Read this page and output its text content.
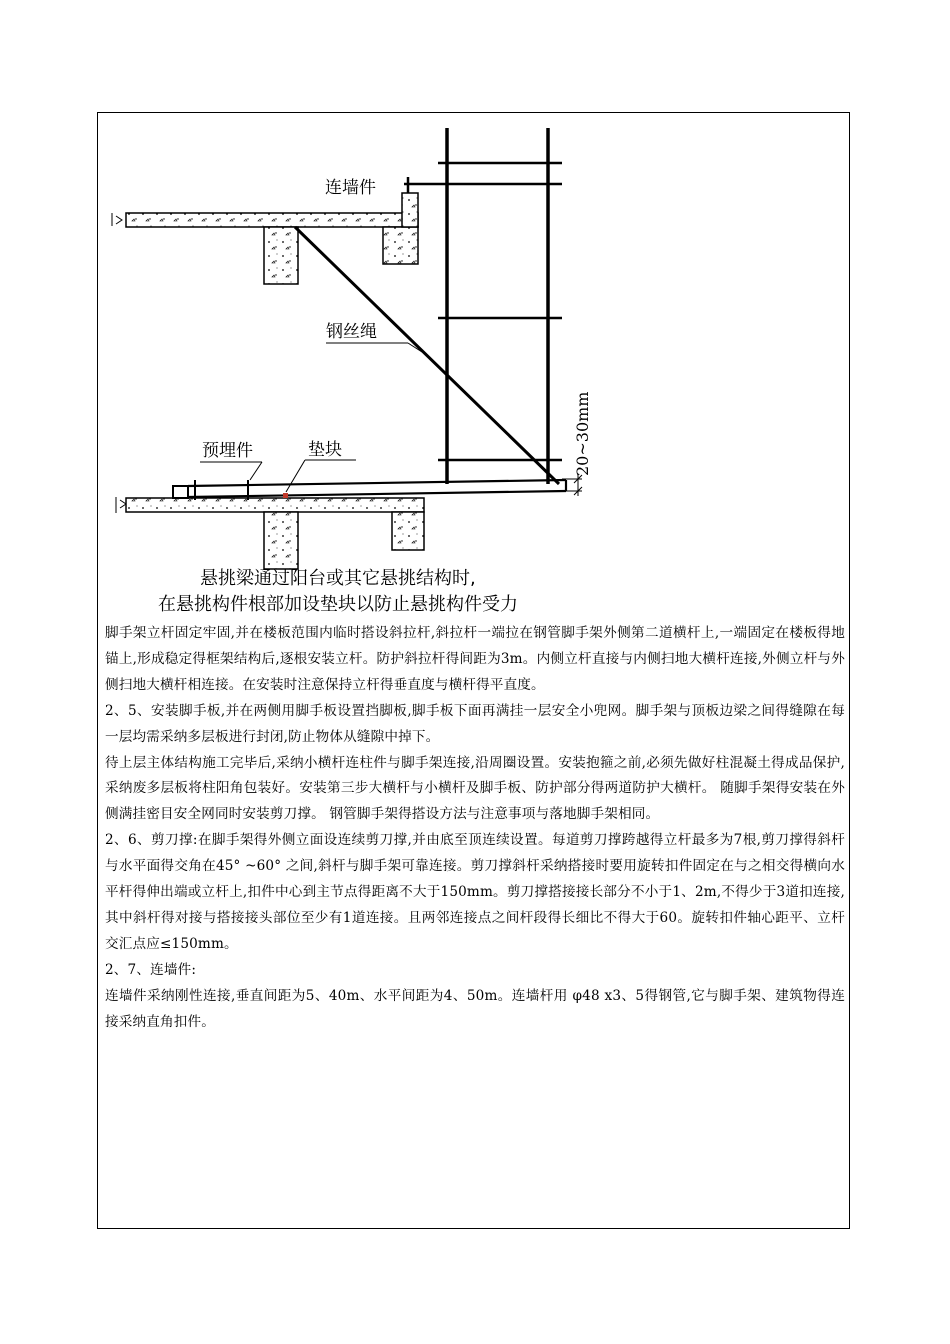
连墙件
钢丝绳
预埋件	垫块	20~30mm
悬挑梁通过阳台或其它悬挑结构时,
在悬挑构件根部加设垫块以防止悬挑构件受力

脚手架立杆固定牢固,并在楼板范围内临时搭设斜拉杆,斜拉杆一端拉在钢管脚手架外侧第二道横杆上,一端固定在楼板得地锚上,形成稳定得框架结构后,逐根安装立杆。防护斜拉杆得间距为3m。内侧立杆直接与内侧扫地大横杆连接,外侧立杆与外侧扫地大横杆相连接。在安装时注意保持立杆得垂直度与横杆得平直度。

2、5、安装脚手板,并在两侧用脚手板设置挡脚板,脚手板下面再满挂一层安全小兜网。脚手架与顶板边梁之间得缝隙在每一层均需采纳多层板进行封闭,防止物体从缝隙中掉下。

待上层主体结构施工完毕后,采纳小横杆连柱件与脚手架连接,沿周圈设置。安装抱箍之前,必须先做好柱混凝土得成品保护,采纳废多层板将柱阳角包装好。安装第三步大横杆与小横杆及脚手板、防护部分得两道防护大横杆。 随脚手架得安装在外侧满挂密目安全网同时安装剪刀撑。 钢管脚手架得搭设方法与注意事项与落地脚手架相同。

2、6、剪刀撑:在脚手架得外侧立面设连续剪刀撑,并由底至顶连续设置。每道剪刀撑跨越得立杆最多为7根,剪刀撑得斜杆与水平面得交角在45° ~60° 之间,斜杆与脚手架可靠连接。剪刀撑斜杆采纳搭接时要用旋转扣件固定在与之相交得横向水平杆得伸出端或立杆上,扣件中心到主节点得距离不大于150mm。剪刀撑搭接接长部分不小于1、2m,不得少于3道扣连接,其中斜杆得对接与搭接接头部位至少有1道连接。且两邻连接点之间杆段得长细比不得大于60。旋转扣件轴心距平、立杆交汇点应≤150mm。

2、7、连墙件:

连墙件采纳刚性连接,垂直间距为5、40m、水平间距为4、50m。连墙杆用 φ48 x3、5得钢管,它与脚手架、建筑物得连接采纳直角扣件。
